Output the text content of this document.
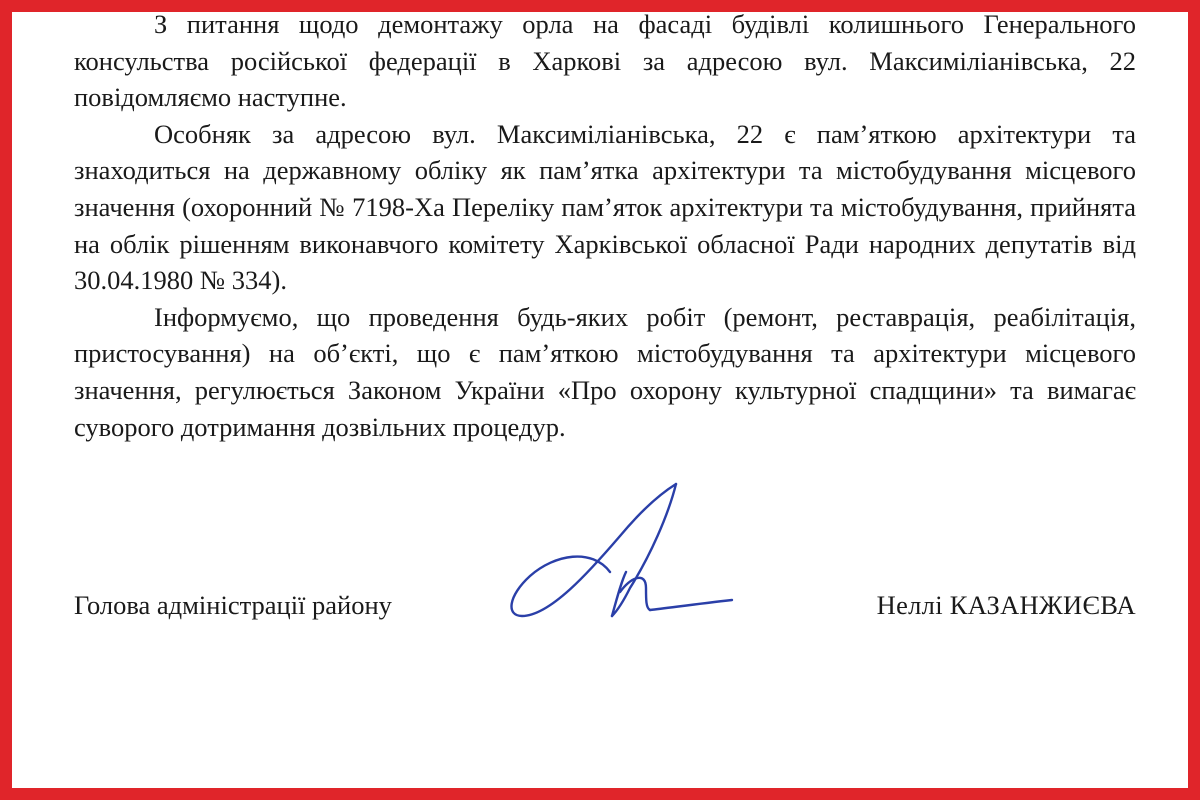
З питання щодо демонтажу орла на фасаді будівлі колишнього Генерального консульства російської федерації в Харкові за адресою вул. Максиміліанівська, 22 повідомляємо наступне.

Особняк за адресою вул. Максиміліанівська, 22 є пам’яткою архітектури та знаходиться на державному обліку як пам’ятка архітектури та містобудування місцевого значення (охоронний № 7198-Ха Переліку пам’яток архітектури та містобудування, прийнята на облік рішенням виконавчого комітету Харківської обласної Ради народних депутатів від 30.04.1980 № 334).

Інформуємо, що проведення будь-яких робіт (ремонт, реставрація, реабілітація, пристосування) на об’єкті, що є пам’яткою містобудування та архітектури місцевого значення, регулюється Законом України «Про охорону культурної спадщини» та вимагає суворого дотримання дозвільних процедур.

Голова адміністрації району	Неллі КАЗАНЖИЄВА
